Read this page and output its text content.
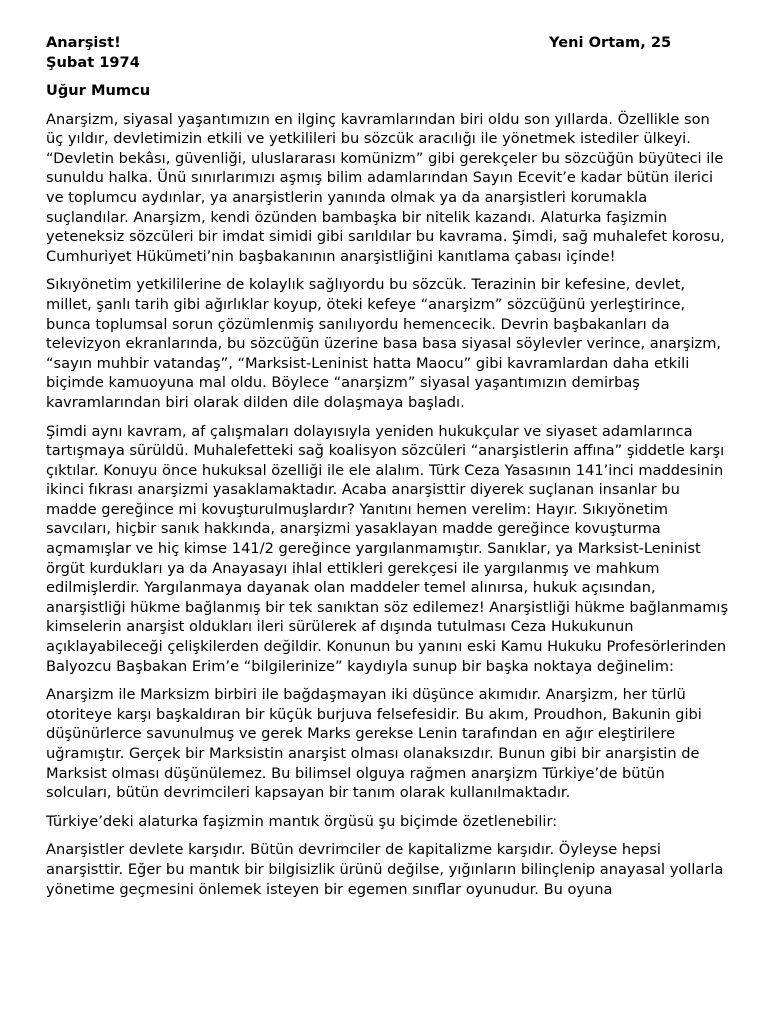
Anarşist!	Yeni Ortam, 25
Şubat 1974
Uğur Mumcu

Anarşizm, siyasal yaşantımızın en ilginç kavramlarından biri oldu son yıllarda. Özellikle son üç yıldır, devletimizin etkili ve yetkilileri bu sözcük aracılığı ile yönetmek istediler ülkeyi. “Devletin bekâsı, güvenliği, uluslararası komünizm” gibi gerekçeler bu sözcüğün büyüteci ile sunuldu halka. Ünü sınırlarımızı aşmış bilim adamlarından Sayın Ecevit’e kadar bütün ilerici ve toplumcu aydınlar, ya anarşistlerin yanında olmak ya da anarşistleri korumakla suçlandılar. Anarşizm, kendi özünden bambaşka bir nitelik kazandı. Alaturka faşizmin yeteneksiz sözcüleri bir imdat simidi gibi sarıldılar bu kavrama. Şimdi, sağ muhalefet korosu, Cumhuriyet Hükümeti’nin başbakanının anarşistliğini kanıtlama çabası içinde!

Sıkıyönetim yetkililerine de kolaylık sağlıyordu bu sözcük. Terazinin bir kefesine, devlet, millet, şanlı tarih gibi ağırlıklar koyup, öteki kefeye “anarşizm” sözcüğünü yerleştirince, bunca toplumsal sorun çözümlenmiş sanılıyordu hemencecik. Devrin başbakanları da televizyon ekranlarında, bu sözcüğün üzerine basa basa siyasal söylevler verince, anarşizm, “sayın muhbir vatandaş”, “Marksist-Leninist hatta Maocu” gibi kavramlardan daha etkili biçimde kamuoyuna mal oldu. Böylece “anarşizm” siyasal yaşantımızın demirbaş kavramlarından biri olarak dilden dile dolaşmaya başladı.

Şimdi aynı kavram, af çalışmaları dolayısıyla yeniden hukukçular ve siyaset adamlarınca tartışmaya sürüldü. Muhalefetteki sağ koalisyon sözcüleri “anarşistlerin affına” şiddetle karşı çıktılar. Konuyu önce hukuksal özelliği ile ele alalım. Türk Ceza Yasasının 141’inci maddesinin ikinci fıkrası anarşizmi yasaklamaktadır. Acaba anarşisttir diyerek suçlanan insanlar bu madde gereğince mi kovuşturulmuşlardır? Yanıtını hemen verelim: Hayır. Sıkıyönetim savcıları, hiçbir sanık hakkında, anarşizmi yasaklayan madde gereğince kovuşturma açmamışlar ve hiç kimse 141/2 gereğince yargılanmamıştır. Sanıklar, ya Marksist-Leninist örgüt kurdukları ya da Anayasayı ihlal ettikleri gerekçesi ile yargılanmış ve mahkum edilmişlerdir. Yargılanmaya dayanak olan maddeler temel alınırsa, hukuk açısından, anarşistliği hükme bağlanmış bir tek sanıktan söz edilemez! Anarşistliği hükme bağlanmamış kimselerin anarşist oldukları ileri sürülerek af dışında tutulması Ceza Hukukunun açıklayabileceği çelişkilerden değildir. Konunun bu yanını eski Kamu Hukuku Profesörlerinden Balyozcu Başbakan Erim’e “bilgilerinize” kaydıyla sunup bir başka noktaya değinelim:

Anarşizm ile Marksizm birbiri ile bağdaşmayan iki düşünce akımıdır. Anarşizm, her türlü otoriteye karşı başkaldıran bir küçük burjuva felsefesidir. Bu akım, Proudhon, Bakunin gibi düşünürlerce savunulmuş ve gerek Marks gerekse Lenin tarafından en ağır eleştirilere uğramıştır. Gerçek bir Marksistin anarşist olması olanaksızdır. Bunun gibi bir anarşistin de Marksist olması düşünülemez. Bu bilimsel olguya rağmen anarşizm Türkiye’de bütün solcuları, bütün devrimcileri kapsayan bir tanım olarak kullanılmaktadır.

Türkiye’deki alaturka faşizmin mantık örgüsü şu biçimde özetlenebilir:

Anarşistler devlete karşıdır. Bütün devrimciler de kapitalizme karşıdır. Öyleyse hepsi anarşisttir. Eğer bu mantık bir bilgisizlik ürünü değilse, yığınların bilinçlenip anayasal yollarla yönetime geçmesini önlemek isteyen bir egemen sınıflar oyunudur. Bu oyuna
